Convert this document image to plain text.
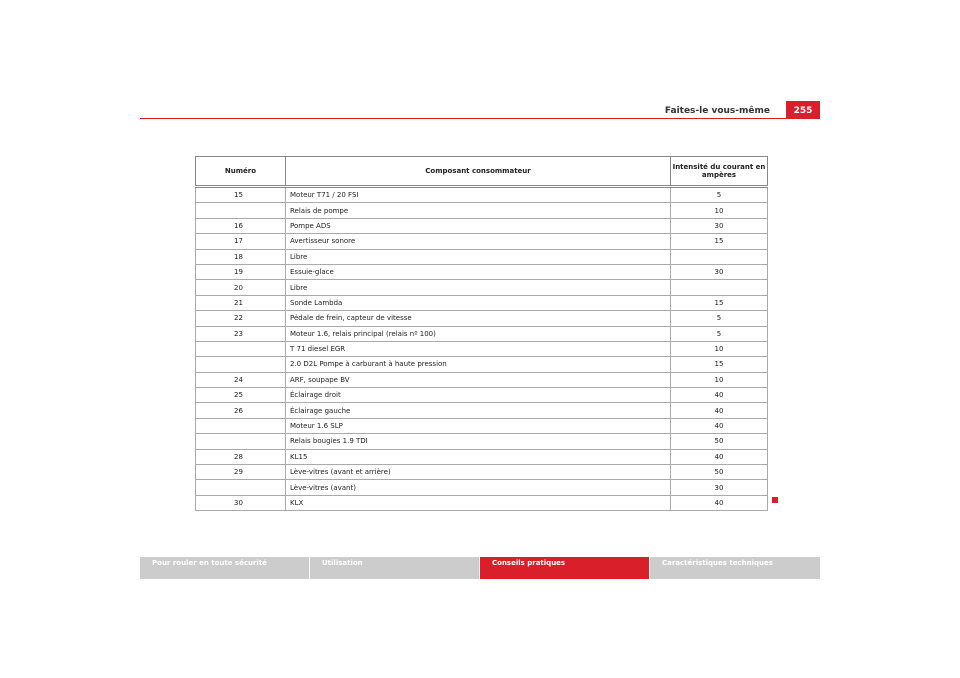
Faites-le vous-même	255
Numéro	Composant consommateur	Intensité du courant en ampères
15	Moteur T71 / 20 FSI	5
	Relais de pompe	10
16	Pompe ADS	30
17	Avertisseur sonore	15
18	Libre	
19	Essuie-glace	30
20	Libre	
21	Sonde Lambda	15
22	Pédale de frein, capteur de vitesse	5
23	Moteur 1.6, relais principal (relais nº 100)	5
	T 71 diesel EGR	10
	2.0 D2L Pompe à carburant à haute pression	15
24	ARF, soupape BV	10
25	Éclairage droit	40
26	Éclairage gauche	40
	Moteur 1.6 SLP	40
	Relais bougies 1.9 TDI	50
28	KL15	40
29	Lève-vitres (avant et arrière)	50
	Lève-vitres (avant)	30
30	KLX	40
Pour rouler en toute sécurité	Utilisation	Conseils pratiques	Caractéristiques techniques
